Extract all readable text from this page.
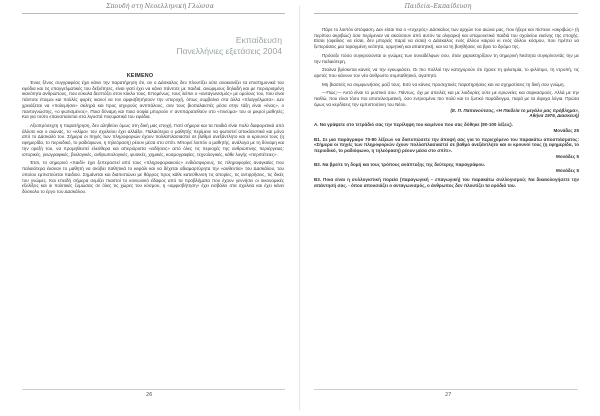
Σπουδή στη Νεοελληνική Γλώσσα
Εκπαίδευση
Πανελλήνιες εξετάσεις 2004
ΚΕΙΜΕΝΟ

Ένας ξένος συγγραφέας έχει κάνει την παρατήρηση ότι, αν ο Δάσκαλος δεν πλουτίζει ούτε ανακαινίζει τα επιστημονικά του εφόδια και τις επαγγελματικές του δεξιότητες, είναι γιατί έχει να κάνει πάντοτε με παιδιά, ανώριμους δηλαδή και με περιορισμένη ικανότητα ανθρώπους, που εύκολα δεσπόζει στον κύκλο τους. Επομένως, τους λείπει ο «ανταγωνισμός» με ομοίους του, που είναι πάντοτε έτοιμοι και πολλές φορές ικανοί να τον αμφισβητήσουν την υπεροχή, όπως συμβαίνει στα άλλα «πλαγγέλματα». Δεν χρειάζεται να «πολεμήσει» σκληρά και προς ισχυρούς αντιπάλους, σαν τους βιοπαλαιστές μέσα στην τάξη είναι «ένας», ο παντογνώστης, «ο φωτισμένος». Ποια δύναμη και ποια σοφία μπορούν ν' αντιπαρατεθούν στο «πνεύμα» του οι μικροί μαθητές; Και για τούτο επαναπαύεται στα λιγοστά πνευματικά του εφόδια.

Αξιοπρόσεχτη η παρατήρηση, δεν αληθεύει όμως στη δική μας εποχή. Γιατί σήμερα και τα παιδιά είναι πολύ διαφορετικά από άλλοτε και ο αιώνας, το «κλίμα» του σχολείου έχει αλλάξει. Παλαιότερα ο μαθητής περίμενε να φωτιστεί αποκλειστικά και μόνο από το Δάσκαλό του. Σήμερα οι πηγές των πληροφοριών έχουν πολλαπλασιαστεί σε βαθμό ανεξάντλητο και οι κρουνοί τους (η εφημερίδα, το περιοδικό, το ραδιόφωνο, η τηλεόραση) ρέουν μέσα στο σπίτι. Μπορεί λοιπόν ο μαθητής, ανάλογα με τη δύναμη και την ορεξή του, να προμηθευτεί ελεύθερα και απεριόριστα «ειδήσεις» από όλες τις περιοχές της ανθρώπινης περιέργειας: ιστορικές, γεωγραφικές, βιολογικές, ανθρωπολογικές, φυσικές, χημικές, κοσμογραφίες, τεχνολογικές, κάθε λογής «περιπέτειες».

Έτσι, το σημερινό «παιδί» έχει ξεπεραστεί από τους «πληροφοριακούς» ενδιάσφορους, τις πληροφορίες αναγκαίες που παλαιότερα έκαναν το μαθητή να σκύβει παθητικά το κεφάλι και να δέχεται αδιαμαρτύρητα την «αυθεντία» του Δασκάλου, του οποίου εμπιστεύεται παιδιού. Σημάνεται και διαπιστώνει με θάρρος προς κάθε κατεύθυνση τις απορίες, τις αντιρρήσεις, τις δικές του γνώμες. Και επειδή σήμερα σεμίζει πιαστοί το κοινωνικό έδαφος από τα προβλήματα που έχουν γεννήσει οι οικονομικές εξελίξεις και οι πολιτικές ζυμώσεις σε όλες τις χώρες του κόσμου, η «αμφισβήτηση» έχει εισβάλει στα σχολεία και έχει κάνει δύσκολο το έργο του Δασκάλου.

26
Παιδεία–Εκπαίδευση

Πάρε το λοιπόν απόφαση. Δεν είσαι πια ο «τυχερός» Δάσκαλος των αρχών του αιώνα μας, που ήξερε και πίστευε «ακριβώς» (ή περίπου ακριβώς) όσα περίμεναν να ακούσουν από αυτόν τα ολιγαρκή και υπομονετικά παιδιά του σχολείου εκείνης της εποχής. Είσαι (οφείλεις να είσαι, δεν μπορείς παρά να είσαι) ο Δάσκαλος ενός άλλου καιρού κι ενός άλλου κόσμου, που πρέπει να ξεπεράσεις μια ταραγμένη νεότητα, ορμητική και απαιτητική, και να τη βοηθήσεις να βρει το δρόμο της.

Πρόσεξε πόσο συγκρούονται οι γνώμες των συναδέλφων σου, όταν χαρακτηρίζουν τη σημερινή Νεότητα συγκρίνοντάς την με την παλαιότερη.

Σταλνα βρίσκεται κανείς να την εγκωμιάσει. Οι πιο πολλοί την κατηγορούν ότι έχασε τη φιλοτιμία, το φιλότιμο, τη ντροπή, τις αρετές που κάνουν τον νέο άνθρωπο συμπαθητικό, αγαπητό.

Μη βιαστείς να συμφωνήσεις μαζί τους. Εσύ να κάνεις προσεχτικές παρατηρήσεις και να σχηματίσεις τη δική σου γνώμη.

—Πώς;— Αυτό είναι το μυστικό σου. Πάντως, όχι με απειλές και με λοιδορίες ούτε με ειρωνείες και σαρκασμούς. Αλλά με την πειθώ, που είναι τόσο πιο αποτελεσματική, όσο εντρισμένα πιο πολύ και το ζωτικό παράδειγμα, παρά με τα άψυχα λόγια. Πρώτα όμως να κερδίσεις την εμπιστοσύνη του Νέου.

(Ε. Π. Παπανούτσος, «Η Παιδεία το μεγάλο μας πρόβλημα»,

Αθήνα 1976, Διασκευή)

Α. Να γράψετε στο τετράδιό σας την περίληψη του κειμένου που σας δόθηκε (80-100 λέξεις).

Μονάδες 25

Β1. Σε μια παράγραφο 70-80 λέξεων να διατυπώσετε την άποψή σας για το περιεχόμενο του παρακάτω αποσπάσματος: «Σήμερα οι πηγές των πληροφοριών έχουν πολλαπλασιαστεί σε βαθμό ανεξάντλητο και οι κρουνοί τους (η εφημερίδα, το περιοδικό, το ραδιόφωνο, η τηλεόραση) ρέουν μέσα στο σπίτι».

Μονάδες 5

Β2. Να βρείτε τη δομή και τους τρόπους ανάπτυξης της δεύτερης παραγράφου.

Μονάδες 5

Β3. Ποια είναι η συλλογιστική πορεία (παραγωγική – επαγωγική) του παρακάτω συλλογισμού; Να δικαιολογήσετε την απάντησή σας. - όπου απουσιάζει ο ανταγωνισμός, ο άνθρωπος δεν πλουτίζει τα εφόδιά του.

27
